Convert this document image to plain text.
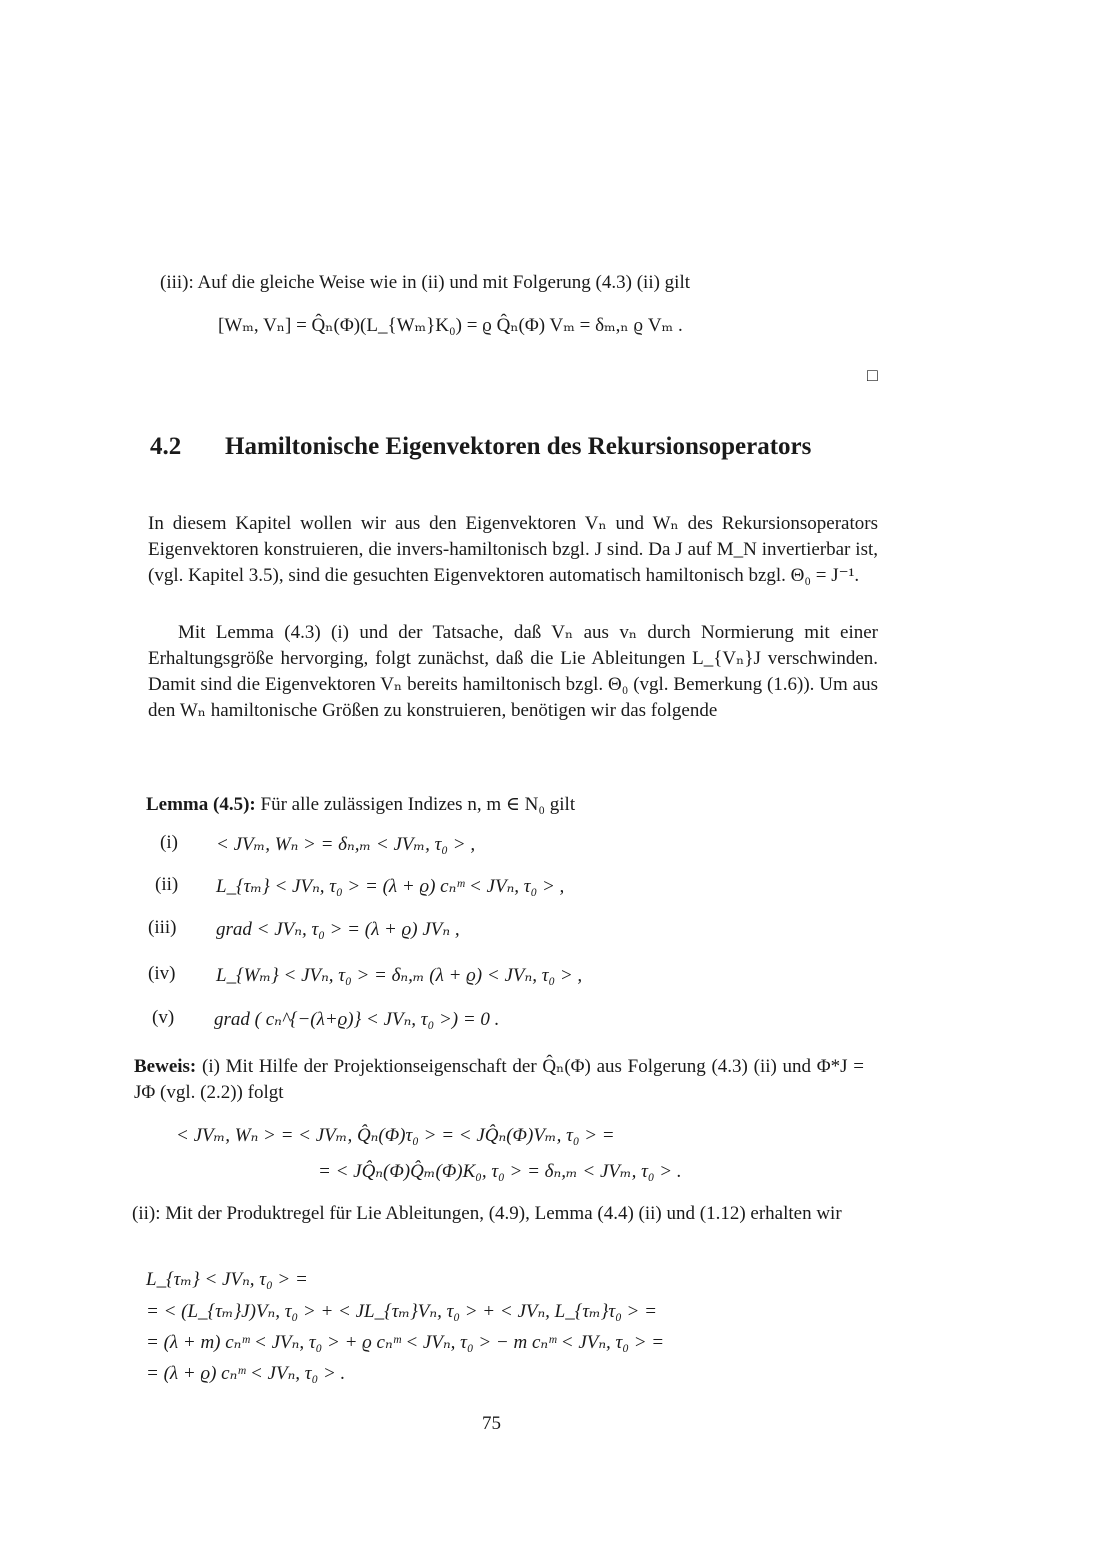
(iii): Auf die gleiche Weise wie in (ii) und mit Folgerung (4.3) (ii) gilt
[Wₘ, Vₙ] = Q̂ₙ(Φ)(L_{Wₘ}K₀) = ϱ Q̂ₙ(Φ) Vₘ = δₘ,ₙ ϱ Vₘ .
□
4.2 Hamiltonische Eigenvektoren des Rekursionsoperators
In diesem Kapitel wollen wir aus den Eigenvektoren Vₙ und Wₙ des Rekursionsoperators Eigenvektoren konstruieren, die invers-hamiltonisch bzgl. J sind. Da J auf M_N invertierbar ist, (vgl. Kapitel 3.5), sind die gesuchten Eigenvektoren automatisch hamiltonisch bzgl. Θ₀ = J⁻¹.
Mit Lemma (4.3) (i) und der Tatsache, daß Vₙ aus vₙ durch Normierung mit einer Erhaltungsgröße hervorging, folgt zunächst, daß die Lie Ableitungen L_{Vₙ}J verschwinden. Damit sind die Eigenvektoren Vₙ bereits hamiltonisch bzgl. Θ₀ (vgl. Bemerkung (1.6)). Um aus den Wₙ hamiltonische Größen zu konstruieren, benötigen wir das folgende
Lemma (4.5): Für alle zulässigen Indizes n, m ∈ N₀ gilt
(i) < JVₘ, Wₙ > = δₙ,ₘ < JVₘ, τ₀ > ,
(ii) L_{τₘ} < JVₙ, τ₀ > = (λ + ϱ) cₙᵐ < JVₙ, τ₀ > ,
(iii) grad < JVₙ, τ₀ > = (λ + ϱ) JVₙ ,
(iv) L_{Wₘ} < JVₙ, τ₀ > = δₙ,ₘ (λ + ϱ) < JVₙ, τ₀ > ,
(v) grad ( cₙ^{−(λ+ϱ)} < JVₙ, τ₀ >) = 0 .
Beweis: (i) Mit Hilfe der Projektionseigenschaft der Q̂ₙ(Φ) aus Folgerung (4.3) (ii) und Φ*J = JΦ (vgl. (2.2)) folgt
< JVₘ, Wₙ > = < JVₘ, Q̂ₙ(Φ)τ₀ > = < JQ̂ₙ(Φ)Vₘ, τ₀ > =
= < JQ̂ₙ(Φ)Q̂ₘ(Φ)K₀, τ₀ > = δₙ,ₘ < JVₘ, τ₀ > .
(ii): Mit der Produktregel für Lie Ableitungen, (4.9), Lemma (4.4) (ii) und (1.12) erhalten wir
L_{τₘ} < JVₙ, τ₀ > =
= < (L_{τₘ}J)Vₙ, τ₀ > + < JL_{τₘ}Vₙ, τ₀ > + < JVₙ, L_{τₘ}τ₀ > =
= (λ + m) cₙᵐ < JVₙ, τ₀ > + ϱ cₙᵐ < JVₙ, τ₀ > − m cₙᵐ < JVₙ, τ₀ > =
= (λ + ϱ) cₙᵐ < JVₙ, τ₀ > .
75
